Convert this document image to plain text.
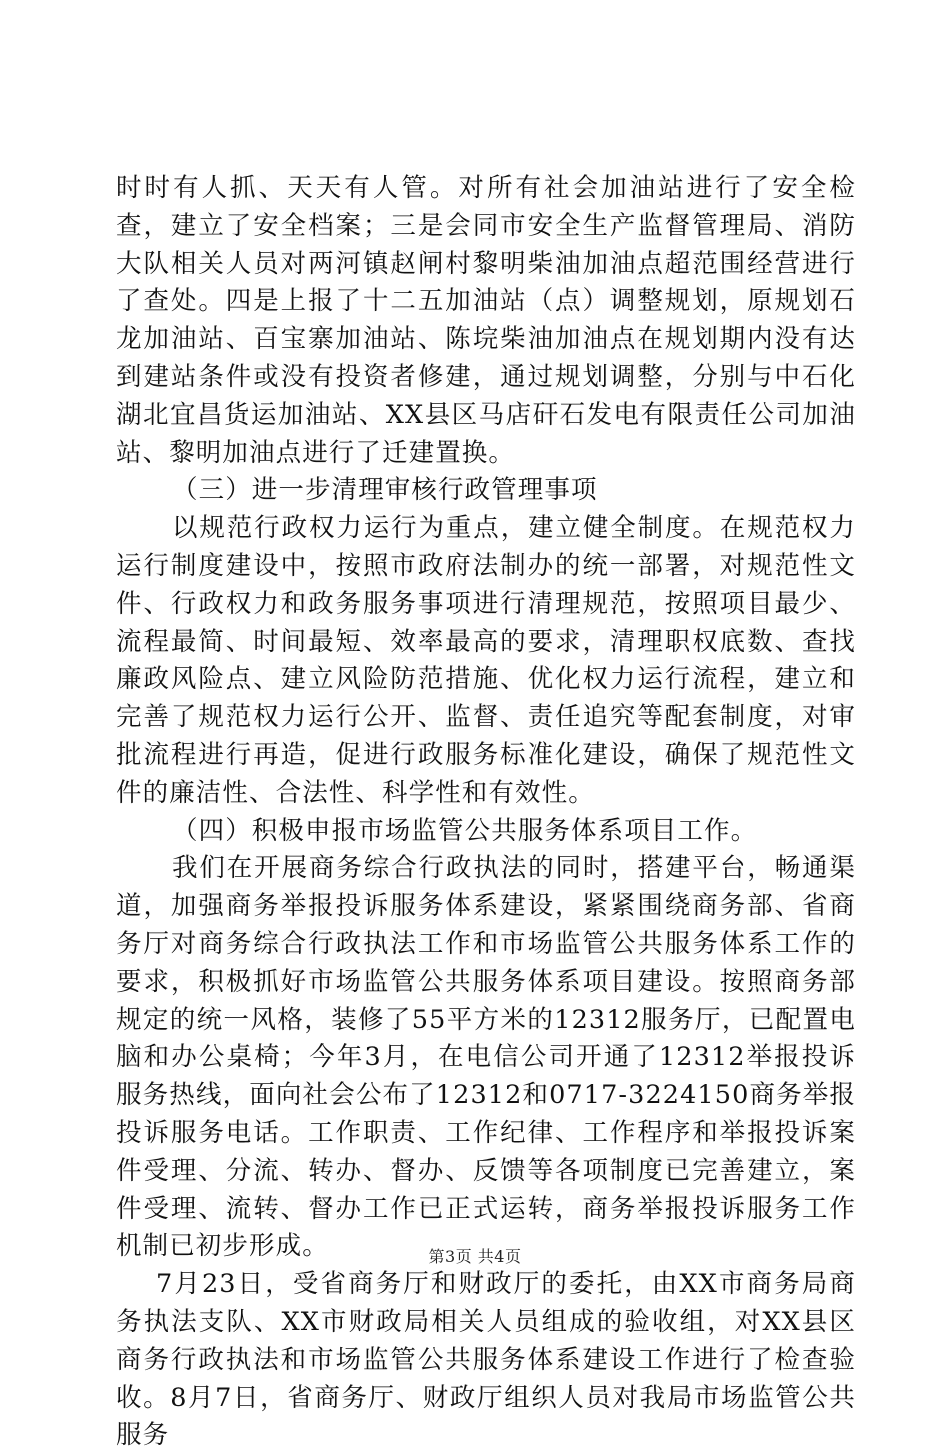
时时有人抓、天天有人管。对所有社会加油站进行了安全检查，建立了安全档案；三是会同市安全生产监督管理局、消防大队相关人员对两河镇赵闸村黎明柴油加油点超范围经营进行了查处。四是上报了十二五加油站（点）调整规划，原规划石龙加油站、百宝寨加油站、陈垸柴油加油点在规划期内没有达到建站条件或没有投资者修建，通过规划调整，分别与中石化湖北宜昌货运加油站、XX县区马店矸石发电有限责任公司加油站、黎明加油点进行了迁建置换。

（三）进一步清理审核行政管理事项

以规范行政权力运行为重点，建立健全制度。在规范权力运行制度建设中，按照市政府法制办的统一部署，对规范性文件、行政权力和政务服务事项进行清理规范，按照项目最少、流程最简、时间最短、效率最高的要求，清理职权底数、查找廉政风险点、建立风险防范措施、优化权力运行流程，建立和完善了规范权力运行公开、监督、责任追究等配套制度，对审批流程进行再造，促进行政服务标准化建设，确保了规范性文件的廉洁性、合法性、科学性和有效性。

（四）积极申报市场监管公共服务体系项目工作。

我们在开展商务综合行政执法的同时，搭建平台，畅通渠道，加强商务举报投诉服务体系建设，紧紧围绕商务部、省商务厅对商务综合行政执法工作和市场监管公共服务体系工作的要求，积极抓好市场监管公共服务体系项目建设。按照商务部规定的统一风格，装修了55平方米的12312服务厅，已配置电脑和办公桌椅；今年3月，在电信公司开通了12312举报投诉服务热线，面向社会公布了12312和0717-3224150商务举报投诉服务电话。工作职责、工作纪律、工作程序和举报投诉案件受理、分流、转办、督办、反馈等各项制度已完善建立，案件受理、流转、督办工作已正式运转，商务举报投诉服务工作机制已初步形成。

7月23日，受省商务厅和财政厅的委托，由XX市商务局商务执法支队、XX市财政局相关人员组成的验收组，对XX县区商务行政执法和市场监管公共服务体系建设工作进行了检查验收。8月7日，省商务厅、财政厅组织人员对我局市场监管公共服务

第3页 共4页
